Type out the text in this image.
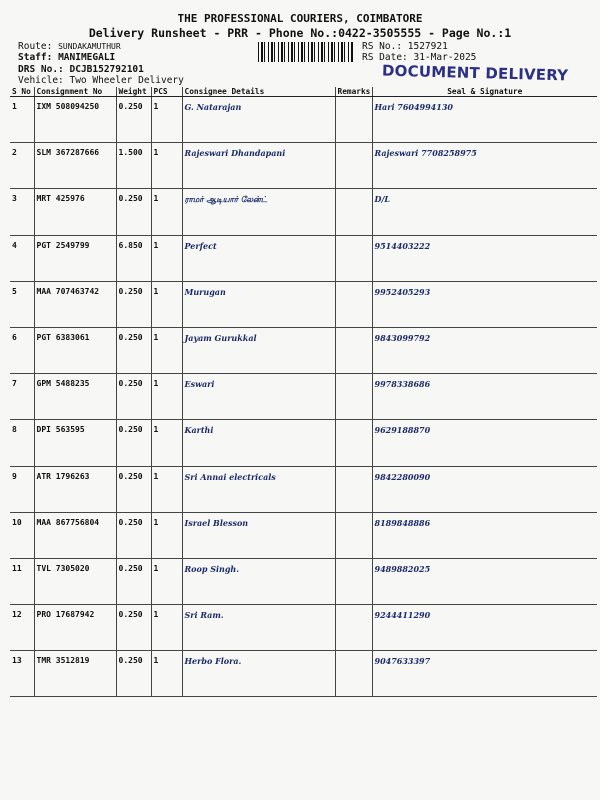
THE PROFESSIONAL COURIERS, COIMBATORE
Delivery Runsheet - PRR - Phone No.:0422-3505555 - Page No.:1
Route: SUNDAKAMUTHUR
Staff: MANIMEGALI
DRS No.: DCJB152792101
Vehicle: Two Wheeler Delivery
RS No.: 1527921
RS Date: 31-Mar-2025
DOCUMENT DELIVERY
S No	Consignment No	Weight	PCS	Consignee Details	Remarks	Seal & Signature
1	IXM 508094250	0.250	1	G. Natarajan		Hari 7604994130
2	SLM 367287666	1.500	1	Rajeswari Dhandapani		Rajeswari 7708258975
3	MRT 425976	0.250	1	ராமர் ஆடியார் லேன்ட்		D/L
4	PGT 2549799	6.850	1	Perfect		9514403222
5	MAA 707463742	0.250	1	Murugan		9952405293
6	PGT 6383061	0.250	1	Jayam Gurukkal		9843099792
7	GPM 5488235	0.250	1	Eswari		9978338686
8	DPI 563595	0.250	1	Karthi		9629188870
9	ATR 1796263	0.250	1	Sri Annai electricals		9842280090
10	MAA 867756804	0.250	1	Israel Blesson		8189848886
11	TVL 7305020	0.250	1	Roop Singh.		9489882025
12	PRO 17687942	0.250	1	Sri Ram.		9244411290
13	TMR 3512819	0.250	1	Herbo Flora.		9047633397
